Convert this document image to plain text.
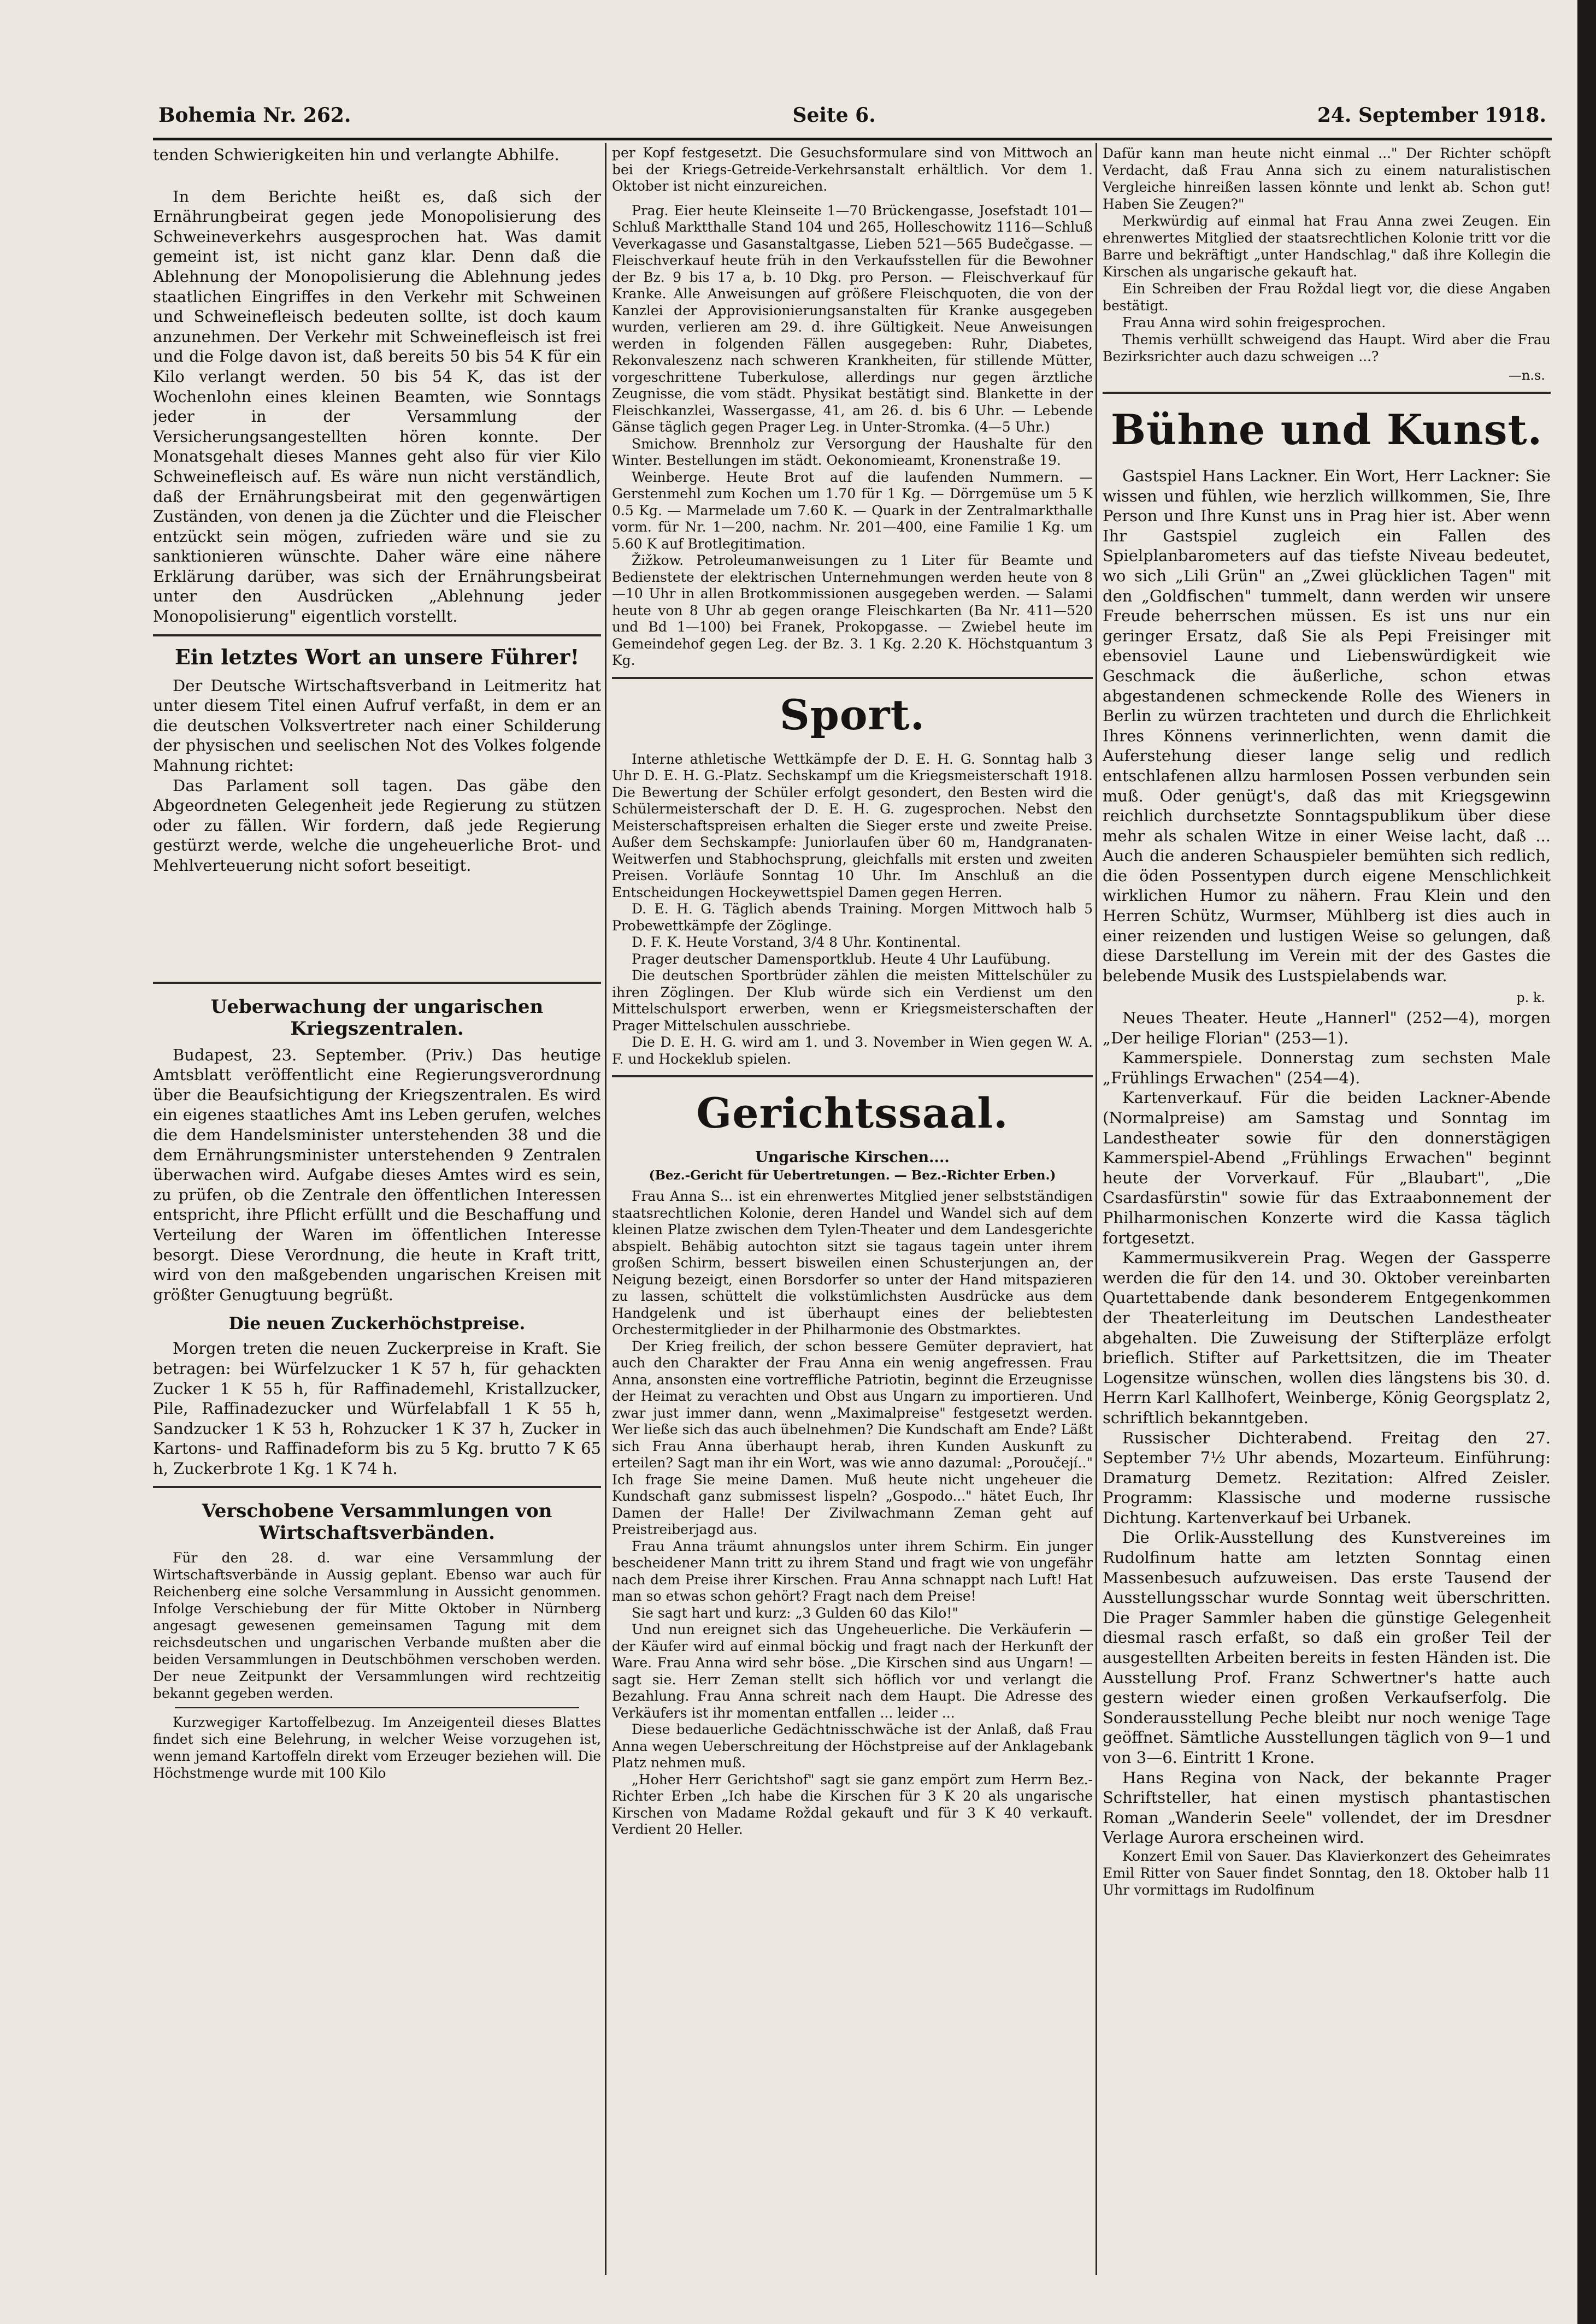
Bohemia Nr. 262.	Seite 6.	24. September 1918.

tenden Schwierigkeiten hin und verlangte Abhilfe.

In dem Berichte heißt es, daß sich der Ernährungbeirat gegen jede Monopolisierung des Schweineverkehrs ausgesprochen hat. Was damit gemeint ist, ist nicht ganz klar. Denn daß die Ablehnung der Monopolisierung die Ablehnung jedes staatlichen Eingriffes in den Verkehr mit Schweinen und Schweinefleisch bedeuten sollte, ist doch kaum anzunehmen. Der Verkehr mit Schweinefleisch ist frei und die Folge davon ist, daß bereits 50 bis 54 K für ein Kilo verlangt werden. 50 bis 54 K, das ist der Wochenlohn eines kleinen Beamten, wie Sonntags jeder in der Versammlung der Versicherungsangestellten hören konnte. Der Monatsgehalt dieses Mannes geht also für vier Kilo Schweinefleisch auf. Es wäre nun nicht verständlich, daß der Ernährungsbeirat mit den gegenwärtigen Zuständen, von denen ja die Züchter und die Fleischer entzückt sein mögen, zufrieden wäre und sie zu sanktionieren wünschte. Daher wäre eine nähere Erklärung darüber, was sich der Ernährungsbeirat unter den Ausdrücken „Ablehnung jeder Monopolisierung" eigentlich vorstellt.

Ein letztes Wort an unsere Führer!

Der Deutsche Wirtschaftsverband in Leitmeritz hat unter diesem Titel einen Aufruf verfaßt, in dem er an die deutschen Volksvertreter nach einer Schilderung der physischen und seelischen Not des Volkes folgende Mahnung richtet:

Das Parlament soll tagen. Das gäbe den Abgeordneten Gelegenheit jede Regierung zu stützen oder zu fällen. Wir fordern, daß jede Regierung gestürzt werde, welche die ungeheuerliche Brot- und Mehlverteuerung nicht sofort beseitigt.

Ueberwachung der ungarischen Kriegszentralen.

Budapest, 23. September. (Priv.) Das heutige Amtsblatt veröffentlicht eine Regierungsverordnung über die Beaufsichtigung der Kriegszentralen. Es wird ein eigenes staatliches Amt ins Leben gerufen, welches die dem Handelsminister unterstehenden 38 und die dem Ernährungsminister unterstehenden 9 Zentralen überwachen wird. Aufgabe dieses Amtes wird es sein, zu prüfen, ob die Zentrale den öffentlichen Interessen entspricht, ihre Pflicht erfüllt und die Beschaffung und Verteilung der Waren im öffentlichen Interesse besorgt. Diese Verordnung, die heute in Kraft tritt, wird von den maßgebenden ungarischen Kreisen mit größter Genugtuung begrüßt.

Die neuen Zuckerhöchstpreise.

Morgen treten die neuen Zuckerpreise in Kraft. Sie betragen: bei Würfelzucker 1 K 57 h, für gehackten Zucker 1 K 55 h, für Raffinademehl, Kristallzucker, Pile, Raffinadezucker und Würfelabfall 1 K 55 h, Sandzucker 1 K 53 h, Rohzucker 1 K 37 h, Zucker in Kartons- und Raffinadeform bis zu 5 Kg. brutto 7 K 65 h, Zuckerbrote 1 Kg. 1 K 74 h.

Verschobene Versammlungen von Wirtschaftsverbänden.

Für den 28. d. war eine Versammlung der Wirtschaftsverbände in Aussig geplant. Ebenso war auch für Reichenberg eine solche Versammlung in Aussicht genommen. Infolge Verschiebung der für Mitte Oktober in Nürnberg angesagt gewesenen gemeinsamen Tagung mit dem reichsdeutschen und ungarischen Verbande mußten aber die beiden Versammlungen in Deutschböhmen verschoben werden. Der neue Zeitpunkt der Versammlungen wird rechtzeitig bekannt gegeben werden.

Kurzwegiger Kartoffelbezug. Im Anzeigenteil dieses Blattes findet sich eine Belehrung, in welcher Weise vorzugehen ist, wenn jemand Kartoffeln direkt vom Erzeuger beziehen will. Die Höchstmenge wurde mit 100 Kilo

per Kopf festgesetzt. Die Gesuchsformulare sind von Mittwoch an bei der Kriegs-Getreide-Verkehrsanstalt erhältlich. Vor dem 1. Oktober ist nicht einzureichen.

Prag. Eier heute Kleinseite 1—70 Brückengasse, Josefstadt 101—Schluß Marktthalle Stand 104 und 265, Holleschowitz 1116—Schluß Veverkagasse und Gasanstaltgasse, Lieben 521—565 Budečgasse. — Fleischverkauf heute früh in den Verkaufsstellen für die Bewohner der Bz. 9 bis 17 a, b. 10 Dkg. pro Person. — Fleischverkauf für Kranke. Alle Anweisungen auf größere Fleischquoten, die von der Kanzlei der Approvisionierungsanstalten für Kranke ausgegeben wurden, verlieren am 29. d. ihre Gültigkeit. Neue Anweisungen werden in folgenden Fällen ausgegeben: Ruhr, Diabetes, Rekonvaleszenz nach schweren Krankheiten, für stillende Mütter, vorgeschrittene Tuberkulose, allerdings nur gegen ärztliche Zeugnisse, die vom städt. Physikat bestätigt sind. Blankette in der Fleischkanzlei, Wassergasse, 41, am 26. d. bis 6 Uhr. — Lebende Gänse täglich gegen Prager Leg. in Unter-Stromka. (4—5 Uhr.)

Smichow. Brennholz zur Versorgung der Haushalte für den Winter. Bestellungen im städt. Oekonomieamt, Kronenstraße 19.

Weinberge. Heute Brot auf die laufenden Nummern. —Gerstenmehl zum Kochen um 1.70 für 1 Kg. — Dörrgemüse um 5 K 0.5 Kg. — Marmelade um 7.60 K. — Quark in der Zentralmarkthalle vorm. für Nr. 1—200, nachm. Nr. 201—400, eine Familie 1 Kg. um 5.60 K auf Brotlegitimation.

Žižkow. Petroleumanweisungen zu 1 Liter für Beamte und Bedienstete der elektrischen Unternehmungen werden heute von 8—10 Uhr in allen Brotkommissionen ausgegeben werden. — Salami heute von 8 Uhr ab gegen orange Fleischkarten (Ba Nr. 411—520 und Bd 1—100) bei Franek, Prokopgasse. — Zwiebel heute im Gemeindehof gegen Leg. der Bz. 3. 1 Kg. 2.20 K. Höchstquantum 3 Kg.

Sport.

Interne athletische Wettkämpfe der D. E. H. G. Sonntag halb 3 Uhr D. E. H. G.-Platz. Sechskampf um die Kriegsmeisterschaft 1918. Die Bewertung der Schüler erfolgt gesondert, den Besten wird die Schülermeisterschaft der D. E. H. G. zugesprochen. Nebst den Meisterschaftspreisen erhalten die Sieger erste und zweite Preise. Außer dem Sechskampfe: Juniorlaufen über 60 m, Handgranaten-Weitwerfen und Stabhochsprung, gleichfalls mit ersten und zweiten Preisen. Vorläufe Sonntag 10 Uhr. Im Anschluß an die Entscheidungen Hockeywettspiel Damen gegen Herren.

D. E. H. G. Täglich abends Training. Morgen Mittwoch halb 5 Probewettkämpfe der Zöglinge.

D. F. K. Heute Vorstand, 3/4 8 Uhr. Kontinental.

Prager deutscher Damensportklub. Heute 4 Uhr Laufübung.

Die deutschen Sportbrüder zählen die meisten Mittelschüler zu ihren Zöglingen. Der Klub würde sich ein Verdienst um den Mittelschulsport erwerben, wenn er Kriegsmeisterschaften der Prager Mittelschulen ausschriebe.

Die D. E. H. G. wird am 1. und 3. November in Wien gegen W. A. F. und Hockeklub spielen.

Gerichtssaal.
Ungarische Kirschen....
(Bez.-Gericht für Uebertretungen. — Bez.-Richter Erben.)

Frau Anna S... ist ein ehrenwertes Mitglied jener selbstständigen staatsrechtlichen Kolonie, deren Handel und Wandel sich auf dem kleinen Platze zwischen dem Tylen-Theater und dem Landesgerichte abspielt. Behäbig autochton sitzt sie tagaus tagein unter ihrem großen Schirm, bessert bisweilen einen Schusterjungen an, der Neigung bezeigt, einen Borsdorfer so unter der Hand mitspazieren zu lassen, schüttelt die volkstümlichsten Ausdrücke aus dem Handgelenk und ist überhaupt eines der beliebtesten Orchestermitglieder in der Philharmonie des Obstmarktes.

Der Krieg freilich, der schon bessere Gemüter depraviert, hat auch den Charakter der Frau Anna ein wenig angefressen. Frau Anna, ansonsten eine vortreffliche Patriotin, beginnt die Erzeugnisse der Heimat zu verachten und Obst aus Ungarn zu importieren. Und zwar just immer dann, wenn „Maximalpreise" festgesetzt werden. Wer ließe sich das auch übelnehmen? Die Kundschaft am Ende? Läßt sich Frau Anna überhaupt herab, ihren Kunden Auskunft zu erteilen? Sagt man ihr ein Wort, was wie anno dazumal: „Poroučejí.." Ich frage Sie meine Damen. Muß heute nicht ungeheuer die Kundschaft ganz submissest lispeln? „Gospodo..." hätet Euch, Ihr Damen der Halle! Der Zivilwachmann Zeman geht auf Preistreiberjagd aus.

Frau Anna träumt ahnungslos unter ihrem Schirm. Ein junger bescheidener Mann tritt zu ihrem Stand und fragt wie von ungefähr nach dem Preise ihrer Kirschen. Frau Anna schnappt nach Luft! Hat man so etwas schon gehört? Fragt nach dem Preise!

Sie sagt hart und kurz: „3 Gulden 60 das Kilo!"

Und nun ereignet sich das Ungeheuerliche. Die Verkäuferin — der Käufer wird auf einmal böckig und fragt nach der Herkunft der Ware. Frau Anna wird sehr böse. „Die Kirschen sind aus Ungarn! — sagt sie. Herr Zeman stellt sich höflich vor und verlangt die Bezahlung. Frau Anna schreit nach dem Haupt. Die Adresse des Verkäufers ist ihr momentan entfallen ... leider ...

Diese bedauerliche Gedächtnisschwäche ist der Anlaß, daß Frau Anna wegen Ueberschreitung der Höchstpreise auf der Anklagebank Platz nehmen muß.

„Hoher Herr Gerichtshof" sagt sie ganz empört zum Herrn Bez.-Richter Erben „Ich habe die Kirschen für 3 K 20 als ungarische Kirschen von Madame Roždal gekauft und für 3 K 40 verkauft. Verdient 20 Heller.

Dafür kann man heute nicht einmal ..." Der Richter schöpft Verdacht, daß Frau Anna sich zu einem naturalistischen Vergleiche hinreißen lassen könnte und lenkt ab. Schon gut! Haben Sie Zeugen?"

Merkwürdig auf einmal hat Frau Anna zwei Zeugen. Ein ehrenwertes Mitglied der staatsrechtlichen Kolonie tritt vor die Barre und bekräftigt „unter Handschlag," daß ihre Kollegin die Kirschen als ungarische gekauft hat.

Ein Schreiben der Frau Roždal liegt vor, die diese Angaben bestätigt.

Frau Anna wird sohin freigesprochen.

Themis verhüllt schweigend das Haupt. Wird aber die Frau Bezirksrichter auch dazu schweigen ...?

—n.s.
Bühne und Kunst.

Gastspiel Hans Lackner. Ein Wort, Herr Lackner: Sie wissen und fühlen, wie herzlich willkommen, Sie, Ihre Person und Ihre Kunst uns in Prag hier ist. Aber wenn Ihr Gastspiel zugleich ein Fallen des Spielplanbarometers auf das tiefste Niveau bedeutet, wo sich „Lili Grün" an „Zwei glücklichen Tagen" mit den „Goldfischen" tummelt, dann werden wir unsere Freude beherrschen müssen. Es ist uns nur ein geringer Ersatz, daß Sie als Pepi Freisinger mit ebensoviel Laune und Liebenswürdigkeit wie Geschmack die äußerliche, schon etwas abgestandenen schmeckende Rolle des Wieners in Berlin zu würzen trachteten und durch die Ehrlichkeit Ihres Könnens verinnerlichten, wenn damit die Auferstehung dieser lange selig und redlich entschlafenen allzu harmlosen Possen verbunden sein muß. Oder genügt's, daß das mit Kriegsgewinn reichlich durchsetzte Sonntagspublikum über diese mehr als schalen Witze in einer Weise lacht, daß ... Auch die anderen Schauspieler bemühten sich redlich, die öden Possentypen durch eigene Menschlichkeit wirklichen Humor zu nähern. Frau Klein und den Herren Schütz, Wurmser, Mühlberg ist dies auch in einer reizenden und lustigen Weise so gelungen, daß diese Darstellung im Verein mit der des Gastes die belebende Musik des Lustspielabends war.

p. k.

Neues Theater. Heute „Hannerl" (252—4), morgen „Der heilige Florian" (253—1).

Kammerspiele. Donnerstag zum sechsten Male „Frühlings Erwachen" (254—4).

Kartenverkauf. Für die beiden Lackner-Abende (Normalpreise) am Samstag und Sonntag im Landestheater sowie für den donnerstägigen Kammerspiel-Abend „Frühlings Erwachen" beginnt heute der Vorverkauf. Für „Blaubart", „Die Csardasfürstin" sowie für das Extraabonnement der Philharmonischen Konzerte wird die Kassa täglich fortgesetzt.

Kammermusikverein Prag. Wegen der Gassperre werden die für den 14. und 30. Oktober vereinbarten Quartettabende dank besonderem Entgegenkommen der Theaterleitung im Deutschen Landestheater abgehalten. Die Zuweisung der Stifterpläze erfolgt brieflich. Stifter auf Parkettsitzen, die im Theater Logensitze wünschen, wollen dies längstens bis 30. d. Herrn Karl Kallhofert, Weinberge, König Georgsplatz 2, schriftlich bekanntgeben.

Russischer Dichterabend. Freitag den 27. September 7½ Uhr abends, Mozarteum. Einführung: Dramaturg Demetz. Rezitation: Alfred Zeisler. Programm: Klassische und moderne russische Dichtung. Kartenverkauf bei Urbanek.

Die Orlik-Ausstellung des Kunstvereines im Rudolfinum hatte am letzten Sonntag einen Massenbesuch aufzuweisen. Das erste Tausend der Ausstellungsschar wurde Sonntag weit überschritten. Die Prager Sammler haben die günstige Gelegenheit diesmal rasch erfaßt, so daß ein großer Teil der ausgestellten Arbeiten bereits in festen Händen ist. Die Ausstellung Prof. Franz Schwertner's hatte auch gestern wieder einen großen Verkaufserfolg. Die Sonderausstellung Peche bleibt nur noch wenige Tage geöffnet. Sämtliche Ausstellungen täglich von 9—1 und von 3—6. Eintritt 1 Krone.

Hans Regina von Nack, der bekannte Prager Schriftsteller, hat einen mystisch phantastischen Roman „Wanderin Seele" vollendet, der im Dresdner Verlage Aurora erscheinen wird.

Konzert Emil von Sauer. Das Klavierkonzert des Geheimrates Emil Ritter von Sauer findet Sonntag, den 18. Oktober halb 11 Uhr vormittags im Rudolfinum
